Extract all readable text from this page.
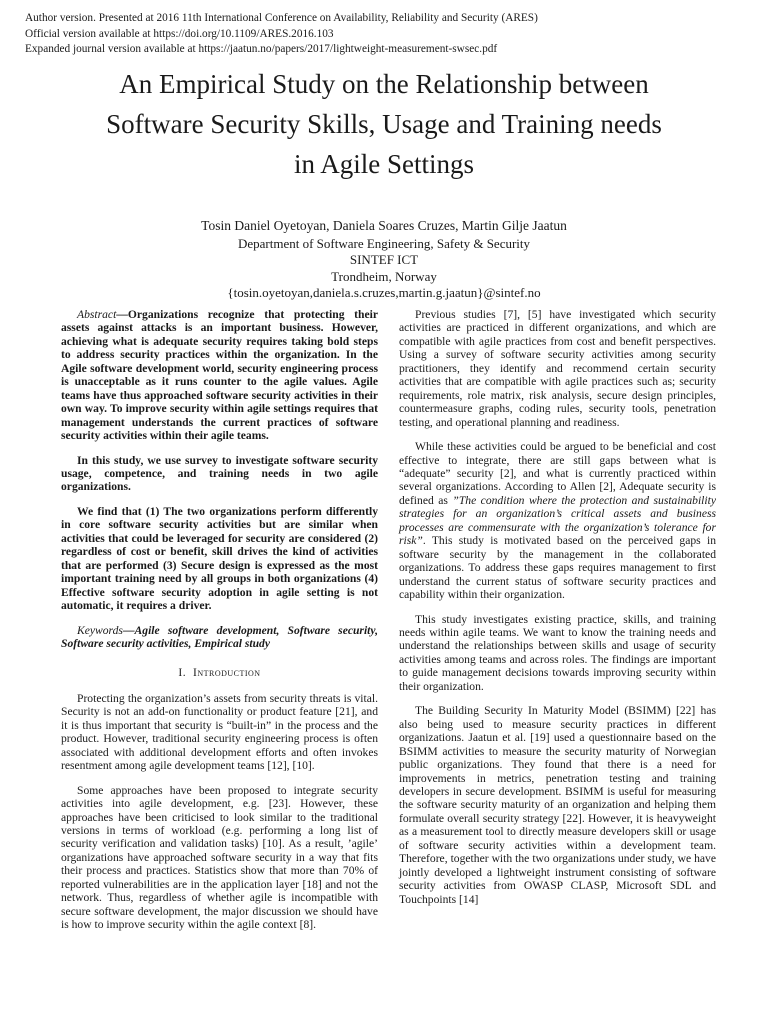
Author version. Presented at 2016 11th International Conference on Availability, Reliability and Security (ARES)
Official version available at https://doi.org/10.1109/ARES.2016.103
Expanded journal version available at https://jaatun.no/papers/2017/lightweight-measurement-swsec.pdf
An Empirical Study on the Relationship between
Software Security Skills, Usage and Training needs
in Agile Settings
Tosin Daniel Oyetoyan, Daniela Soares Cruzes, Martin Gilje Jaatun
Department of Software Engineering, Safety & Security
SINTEF ICT
Trondheim, Norway
{tosin.oyetoyan,daniela.s.cruzes,martin.g.jaatun}@sintef.no

Abstract—Organizations recognize that protecting their assets against attacks is an important business. However, achieving what is adequate security requires taking bold steps to address security practices within the organization. In the Agile software development world, security engineering process is unacceptable as it runs counter to the agile values. Agile teams have thus approached software security activities in their own way. To improve security within agile settings requires that management understands the current practices of software security activities within their agile teams.

In this study, we use survey to investigate software security usage, competence, and training needs in two agile organizations.

We find that (1) The two organizations perform differently in core software security activities but are similar when activities that could be leveraged for security are considered (2) regardless of cost or benefit, skill drives the kind of activities that are performed (3) Secure design is expressed as the most important training need by all groups in both organizations (4) Effective software security adoption in agile setting is not automatic, it requires a driver.

Keywords—Agile software development, Software security, Software security activities, Empirical study

I. Introduction

Protecting the organization’s assets from security threats is vital. Security is not an add-on functionality or product feature [21], and it is thus important that security is “built-in” in the process and the product. However, traditional security engineering process is often associated with additional development efforts and often invokes resentment among agile development teams [12], [10].

Some approaches have been proposed to integrate security activities into agile development, e.g. [23]. However, these approaches have been criticised to look similar to the traditional versions in terms of workload (e.g. performing a long list of security verification and validation tasks) [10]. As a result, ’agile’ organizations have approached software security in a way that fits their process and practices. Statistics show that more than 70% of reported vulnerabilities are in the application layer [18] and not the network. Thus, regardless of whether agile is incompatible with secure software development, the major discussion we should have is how to improve security within the agile context [8].

Previous studies [7], [5] have investigated which security activities are practiced in different organizations, and which are compatible with agile practices from cost and benefit perspectives. Using a survey of software security activities among security practitioners, they identify and recommend certain security activities that are compatible with agile practices such as; security requirements, role matrix, risk analysis, secure design principles, countermeasure graphs, coding rules, security tools, penetration testing, and operational planning and readiness.

While these activities could be argued to be beneficial and cost effective to integrate, there are still gaps between what is “adequate” security [2], and what is currently practiced within several organizations. According to Allen [2], Adequate security is defined as ”The condition where the protection and sustainability strategies for an organization’s critical assets and business processes are commensurate with the organization’s tolerance for risk”. This study is motivated based on the perceived gaps in software security by the management in the collaborated organizations. To address these gaps requires management to first understand the current status of software security practices and capability within their organization.

This study investigates existing practice, skills, and training needs within agile teams. We want to know the training needs and understand the relationships between skills and usage of security activities among teams and across roles. The findings are important to guide management decisions towards improving security within their organization.

The Building Security In Maturity Model (BSIMM) [22] has also being used to measure security practices in different organizations. Jaatun et al. [19] used a questionnaire based on the BSIMM activities to measure the security maturity of Norwegian public organizations. They found that there is a need for improvements in metrics, penetration testing and training developers in secure development. BSIMM is useful for measuring the software security maturity of an organization and helping them formulate overall security strategy [22]. However, it is heavyweight as a measurement tool to directly measure developers skill or usage of software security activities within a development team. Therefore, together with the two organizations under study, we have jointly developed a lightweight instrument consisting of software security activities from OWASP CLASP, Microsoft SDL and Touchpoints [14]
